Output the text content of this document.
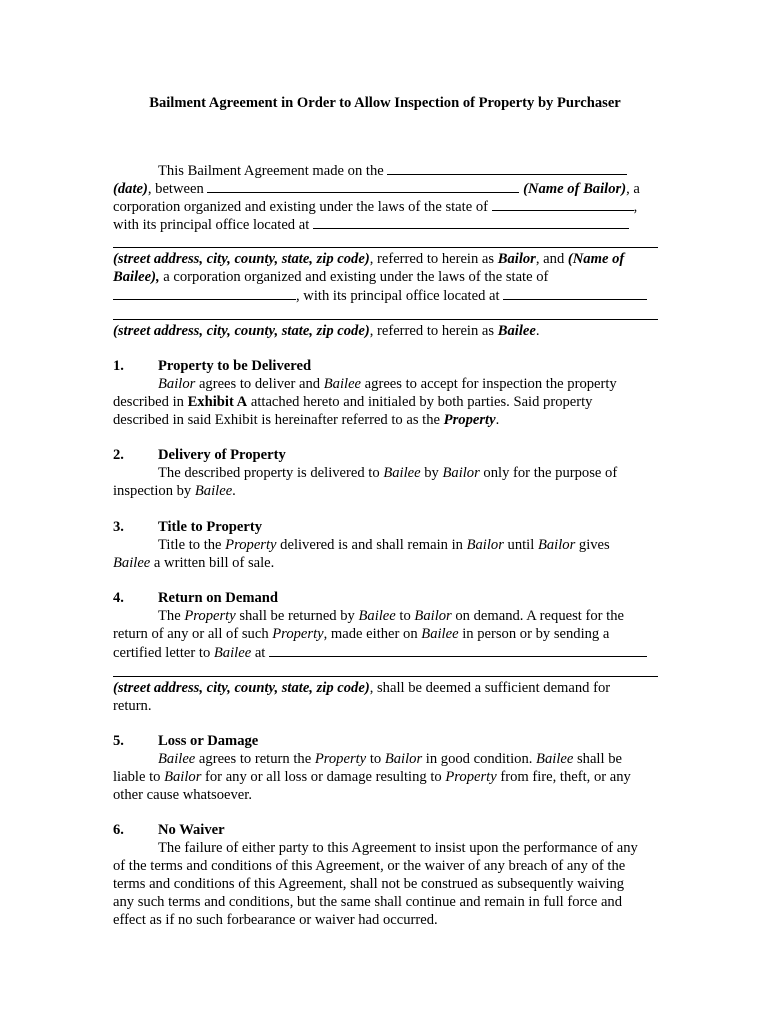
Bailment Agreement in Order to Allow Inspection of Property by Purchaser
This Bailment Agreement made on the
(date), between	(Name of Bailor), a
corporation organized and existing under the laws of the state of	,
with its principal office located at
(street address, city, county, state, zip code), referred to herein as Bailor, and (Name of
Bailee), a corporation organized and existing under the laws of the state of
, with its principal office located at
(street address, city, county, state, zip code), referred to herein as Bailee.
1. Property to be Delivered
Bailor agrees to deliver and Bailee agrees to accept for inspection the property
described in Exhibit A attached hereto and initialed by both parties. Said property
described in said Exhibit is hereinafter referred to as the Property.
2. Delivery of Property
The described property is delivered to Bailee by Bailor only for the purpose of
inspection by Bailee.
3. Title to Property
Title to the Property delivered is and shall remain in Bailor until Bailor gives
Bailee a written bill of sale.
4. Return on Demand
The Property shall be returned by Bailee to Bailor on demand. A request for the
return of any or all of such Property, made either on Bailee in person or by sending a
certified letter to Bailee at
(street address, city, county, state, zip code), shall be deemed a sufficient demand for
return.
5. Loss or Damage
Bailee agrees to return the Property to Bailor in good condition. Bailee shall be
liable to Bailor for any or all loss or damage resulting to Property from fire, theft, or any
other cause whatsoever.
6. No Waiver
The failure of either party to this Agreement to insist upon the performance of any
of the terms and conditions of this Agreement, or the waiver of any breach of any of the
terms and conditions of this Agreement, shall not be construed as subsequently waiving
any such terms and conditions, but the same shall continue and remain in full force and
effect as if no such forbearance or waiver had occurred.
